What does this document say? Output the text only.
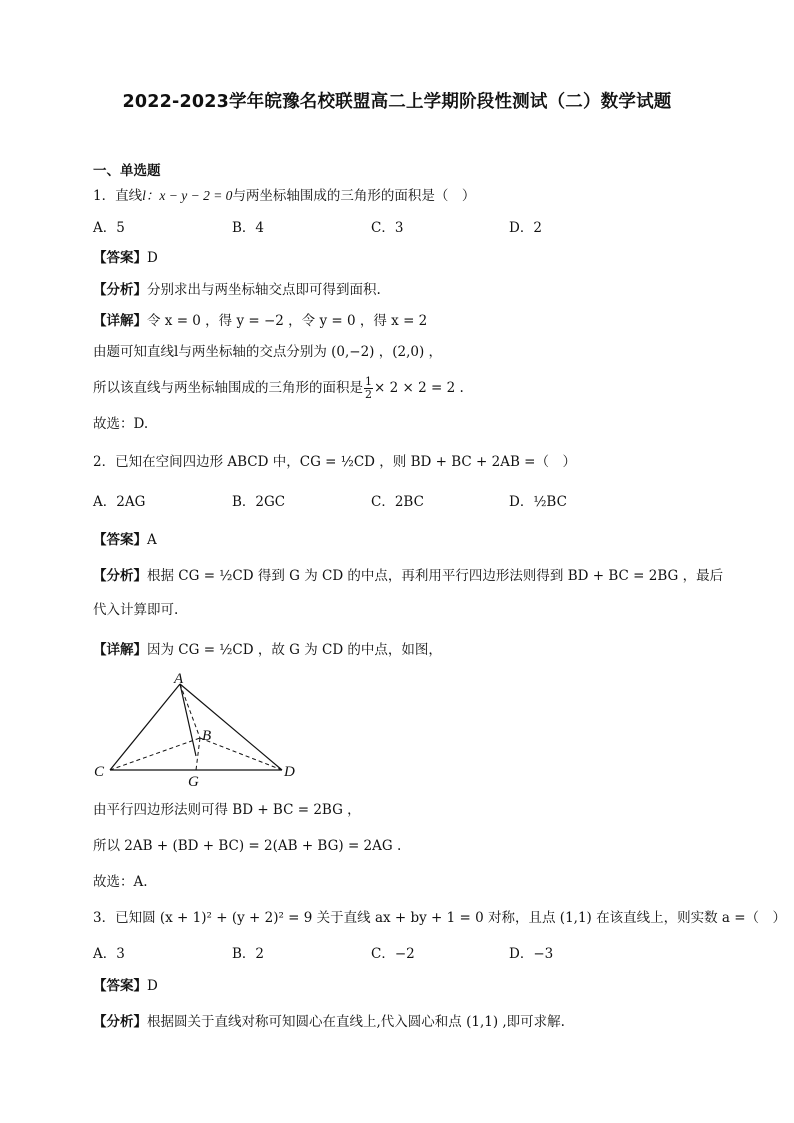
2022-2023学年皖豫名校联盟高二上学期阶段性测试（二）数学试题
一、单选题
1．直线l：x − y − 2 = 0与两坐标轴围成的三角形的面积是（　）
A．5	B．4	C．3	D．2
【答案】D
【分析】分别求出与两坐标轴交点即可得到面积.
【详解】令 x = 0 ，得 y = −2 ，令 y = 0 ，得 x = 2
由题可知直线l与两坐标轴的交点分别为 (0,−2) ，(2,0) ，
所以该直线与两坐标轴围成的三角形的面积是 $\frac{1}{2} \times 2 \times 2 = 2$ .
故选：D.
2．已知在空间四边形 ABCD 中，CG = ½CD ，则 BD + BC + 2AB =（　）
A．2AG	B．2GC	C．2BC	D．½BC
【答案】A
【分析】根据 CG = ½CD 得到 G 为 CD 的中点，再利用平行四边形法则得到 BD + BC = 2BG ，最后
代入计算即可.
【详解】因为 CG = ½CD ，故 G 为 CD 的中点，如图，
A
B
C	D
G
由平行四边形法则可得 BD + BC = 2BG ，
所以 2AB + (BD + BC) = 2(AB + BG) = 2AG .
故选：A.
3．已知圆 (x + 1)² + (y + 2)² = 9 关于直线 ax + by + 1 = 0 对称，且点 (1,1) 在该直线上，则实数 a =（　）
A．3	B．2	C．−2	D．−3
【答案】D
【分析】根据圆关于直线对称可知圆心在直线上,代入圆心和点 (1,1) ,即可求解.
